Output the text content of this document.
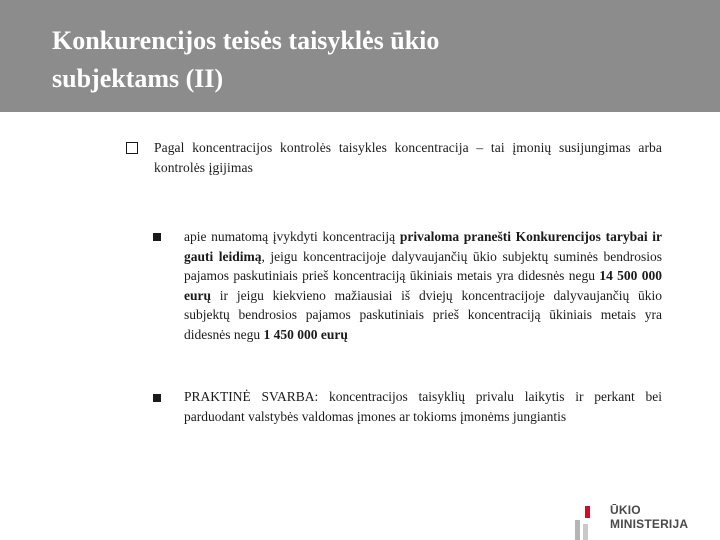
Konkurencijos teisės taisyklės ūkio
subjektams (II)
Pagal koncentracijos kontrolės taisykles koncentracija – tai įmonių susijungimas arba kontrolės įgijimas
apie numatomą įvykdyti koncentraciją privaloma pranešti Konkurencijos tarybai ir gauti leidimą, jeigu koncentracijoje dalyvaujančių ūkio subjektų suminės bendrosios pajamos paskutiniais prieš koncentraciją ūkiniais metais yra didesnės negu 14 500 000 eurų ir jeigu kiekvieno mažiausiai iš dviejų koncentracijoje dalyvaujančių ūkio subjektų bendrosios pajamos paskutiniais prieš koncentraciją ūkiniais metais yra didesnės negu 1 450 000 eurų
PRAKTINĖ SVARBA: koncentracijos taisyklių privalu laikytis ir perkant bei parduodant valstybės valdomas įmones ar tokioms įmonėms jungiantis
ŪKIO MINISTERIJA
